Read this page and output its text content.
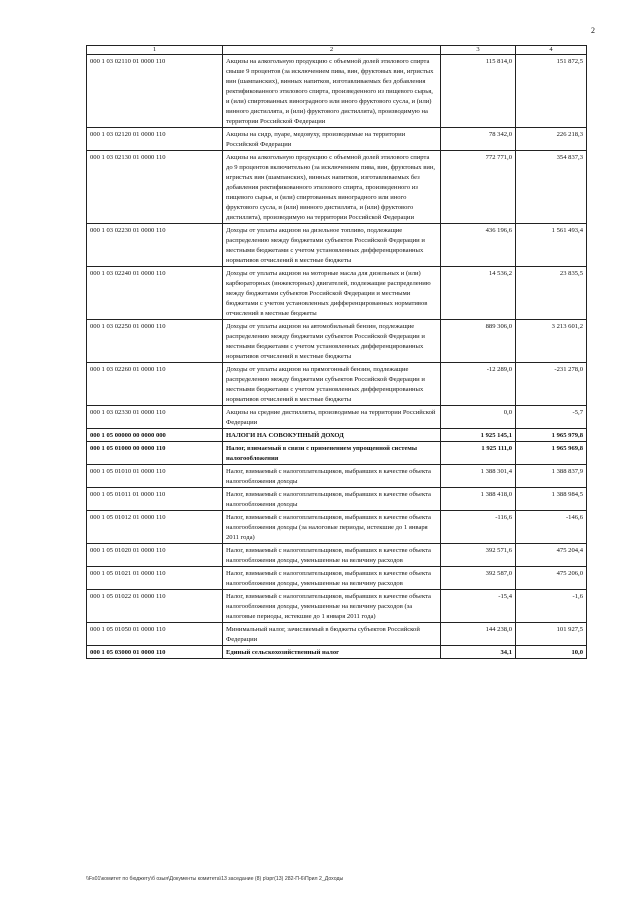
2
1	2	3	4
000 1 03 02110 01 0000 110	Акцизы на алкогольную продукцию с объемной долей этилового спирта свыше 9 процентов (за исключением пива, вин, фруктовых вин, игристых вин (шампанских), винных напитков, изготавливаемых без добавления ректификованного этилового спирта, произведенного из пищевого сырья, и (или) спиртованных виноградного или иного фруктового сусла, и (или) винного дистиллята, и (или) фруктового дистиллята), производимую на территории Российской Федерации	115 814,0	151 872,5
000 1 03 02120 01 0000 110	Акцизы на сидр, пуаре, медовуху, производимые на территории Российской Федерации	78 342,0	226 218,3
000 1 03 02130 01 0000 110	Акцизы на алкогольную продукцию с объемной долей этилового спирта до 9 процентов включительно (за исключением пива, вин, фруктовых вин, игристых вин (шампанских), винных напитков, изготавливаемых без добавления ректификованного этилового спирта, произведенного из пищевого сырья, и (или) спиртованных виноградного или иного фруктового сусла, и (или) винного дистиллята, и (или) фруктового дистиллята), производимую на территории Российской Федерации	772 771,0	354 837,3
000 1 03 02230 01 0000 110	Доходы от уплаты акцизов на дизельное топливо, подлежащие распределению между бюджетами субъектов Российской Федерации и местными бюджетами с учетом установленных дифференцированных нормативов отчислений в местные бюджеты	436 196,6	1 561 493,4
000 1 03 02240 01 0000 110	Доходы от уплаты акцизов на моторные масла для дизельных и (или) карбюраторных (инжекторных) двигателей, подлежащие распределению между бюджетами субъектов Российской Федерации и местными бюджетами с учетом установленных дифференцированных нормативов отчислений в местные бюджеты	14 536,2	23 835,5
000 1 03 02250 01 0000 110	Доходы от уплаты акцизов на автомобильный бензин, подлежащие распределению между бюджетами субъектов Российской Федерации и местными бюджетами с учетом установленных дифференцированных нормативов отчислений в местные бюджеты	889 306,0	3 213 601,2
000 1 03 02260 01 0000 110	Доходы от уплаты акцизов на прямогонный бензин, подлежащие распределению между бюджетами субъектов Российской Федерации и местными бюджетами с учетом установленных дифференцированных нормативов отчислений в местные бюджеты	-12 289,0	-231 278,0
000 1 03 02330 01 0000 110	Акцизы на средние дистилляты, производимые на территории Российской Федерации	0,0	-5,7
000 1 05 00000 00 0000 000	НАЛОГИ НА СОВОКУПНЫЙ ДОХОД	1 925 145,1	1 965 979,8
000 1 05 01000 00 0000 110	Налог, взимаемый в связи с применением упрощенной системы налогообложения	1 925 111,0	1 965 969,8
000 1 05 01010 01 0000 110	Налог, взимаемый с налогоплательщиков, выбравших в качестве объекта налогообложения доходы	1 388 301,4	1 388 837,9
000 1 05 01011 01 0000 110	Налог, взимаемый с налогоплательщиков, выбравших в качестве объекта налогообложения доходы	1 388 418,0	1 388 984,5
000 1 05 01012 01 0000 110	Налог, взимаемый с налогоплательщиков, выбравших в качестве объекта налогообложения доходы (за налоговые периоды, истекшие до 1 января 2011 года)	-116,6	-146,6
000 1 05 01020 01 0000 110	Налог, взимаемый с налогоплательщиков, выбравших в качестве объекта налогообложения доходы, уменьшенные на величину расходов	392 571,6	475 204,4
000 1 05 01021 01 0000 110	Налог, взимаемый с налогоплательщиков, выбравших в качестве объекта налогообложения доходы, уменьшенные на величину расходов	392 587,0	475 206,0
000 1 05 01022 01 0000 110	Налог, взимаемый с налогоплательщиков, выбравших в качестве объекта налогообложения доходы, уменьшенные на величину расходов (за налоговые периоды, истекшие до 1 января 2011 года)	-15,4	-1,6
000 1 05 01050 01 0000 110	Минимальный налог, зачисляемый в бюджеты субъектов Российской Федерации	144 238,0	101 927,5
000 1 05 03000 01 0000 110	Единый сельскохозяйственный налог	34,1	10,0
\\Fs01\комитет по бюджету\б озыя\Документы комитета\13 заседание (8) р\зрг(13) 282-П-6\Прил 2_Доходы
